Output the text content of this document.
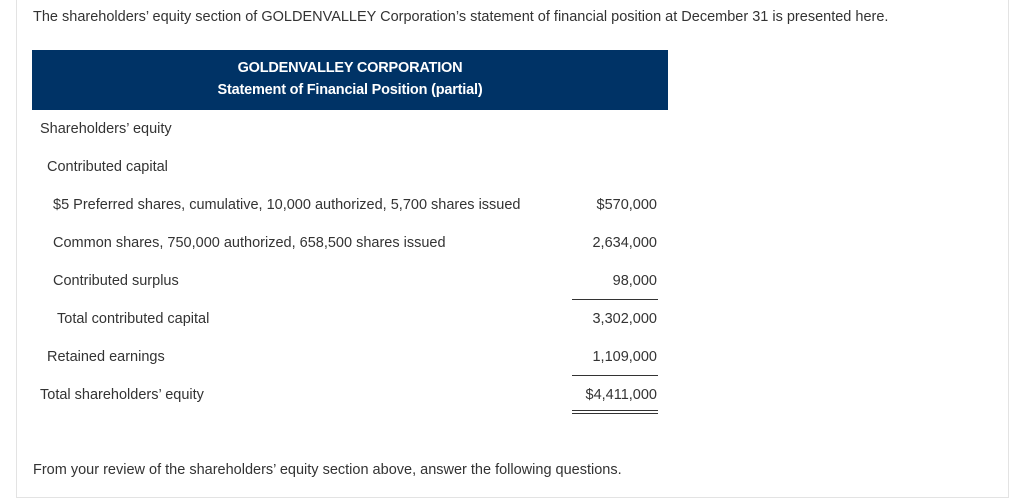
The shareholders’ equity section of GOLDENVALLEY Corporation’s statement of financial position at December 31 is presented here.
GOLDENVALLEY CORPORATION
Statement of Financial Position (partial)
Shareholders’ equity
Contributed capital
$5 Preferred shares, cumulative, 10,000 authorized, 5,700 shares issued	$570,000
Common shares, 750,000 authorized, 658,500 shares issued	2,634,000
Contributed surplus	98,000
Total contributed capital	3,302,000
Retained earnings	1,109,000
Total shareholders’ equity	$4,411,000
From your review of the shareholders’ equity section above, answer the following questions.
